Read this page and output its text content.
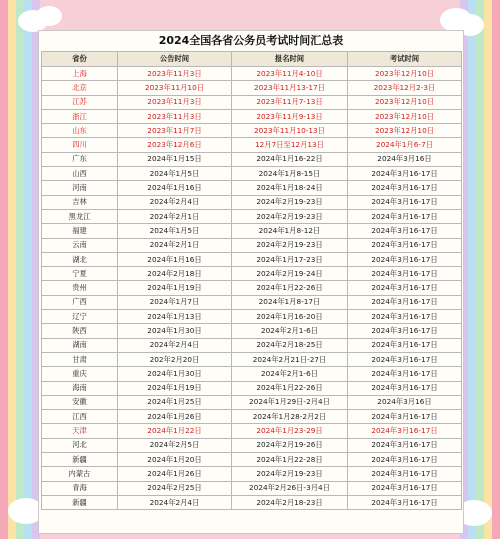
2024全国各省公务员考试时间汇总表
省份	公告时间	报名时间	考试时间
上海	2023年11月3日	2023年11月4-10日	2023年12月10日
北京	2023年11月10日	2023年11月13-17日	2023年12月2-3日
江苏	2023年11月3日	2023年11月7-13日	2023年12月10日
浙江	2023年11月3日	2023年11月9-13日	2023年12月10日
山东	2023年11月7日	2023年11月10-13日	2023年12月10日
四川	2023年12月6日	12月7日至12月13日	2024年1月6-7日
广东	2024年1月15日	2024年1月16-22日	2024年3月16日
山西	2024年1月5日	2024年1月8-15日	2024年3月16-17日
河南	2024年1月16日	2024年1月18-24日	2024年3月16-17日
吉林	2024年2月4日	2024年2月19-23日	2024年3月16-17日
黑龙江	2024年2月1日	2024年2月19-23日	2024年3月16-17日
福建	2024年1月5日	2024年1月8-12日	2024年3月16-17日
云南	2024年2月1日	2024年2月19-23日	2024年3月16-17日
湖北	2024年1月16日	2024年1月17-23日	2024年3月16-17日
宁夏	2024年2月18日	2024年2月19-24日	2024年3月16-17日
贵州	2024年1月19日	2024年1月22-26日	2024年3月16-17日
广西	2024年1月7日	2024年1月8-17日	2024年3月16-17日
辽宁	2024年1月13日	2024年1月16-20日	2024年3月16-17日
陕西	2024年1月30日	2024年2月1-6日	2024年3月16-17日
湖南	2024年2月4日	2024年2月18-25日	2024年3月16-17日
甘肃	202年2月20日	2024年2月21日-27日	2024年3月16-17日
重庆	2024年1月30日	2024年2月1-6日	2024年3月16-17日
海南	2024年1月19日	2024年1月22-26日	2024年3月16-17日
安徽	2024年1月25日	2024年1月29日-2月4日	2024年3月16日
江西	2024年1月26日	2024年1月28-2月2日	2024年3月16-17日
天津	2024年1月22日	2024年1月23-29日	2024年3月16-17日
河北	2024年2月5日	2024年2月19-26日	2024年3月16-17日
新疆	2024年1月20日	2024年1月22-28日	2024年3月16-17日
内蒙古	2024年1月26日	2024年2月19-23日	2024年3月16-17日
青海	2024年2月25日	2024年2月26日-3月4日	2024年3月16-17日
新疆	2024年2月4日	2024年2月18-23日	2024年3月16-17日
